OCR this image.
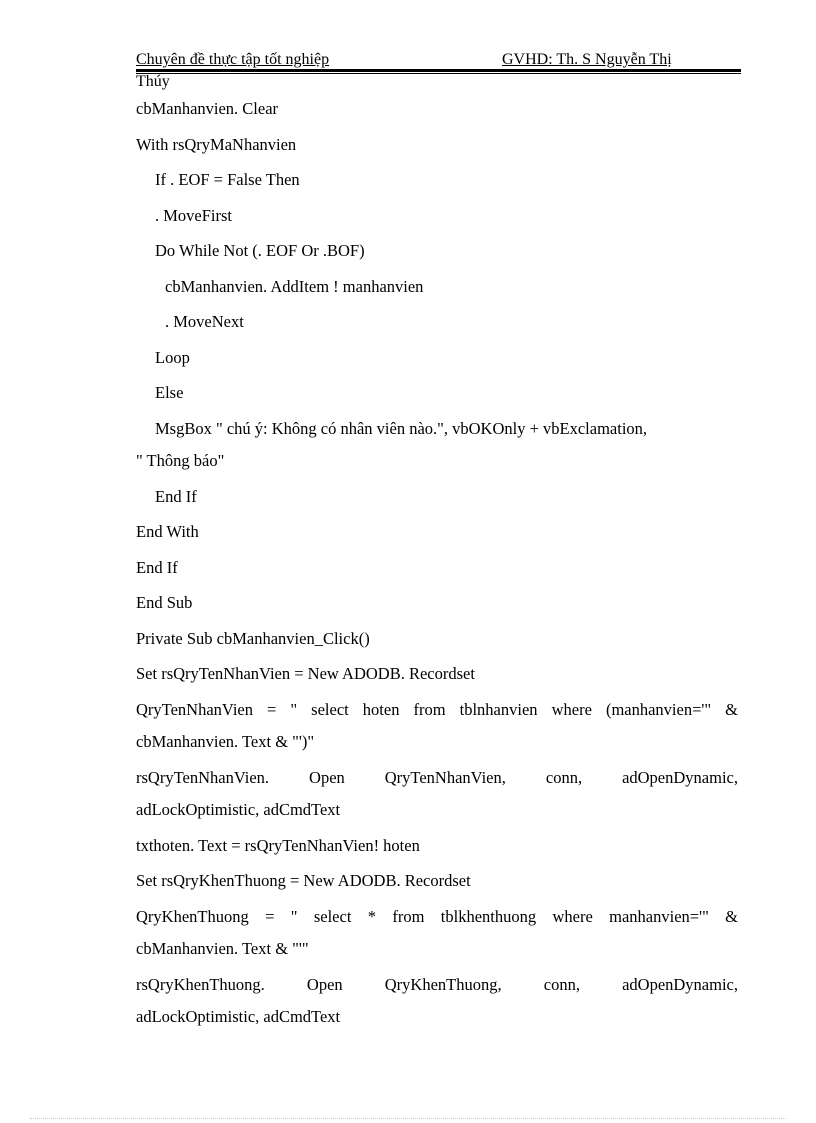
Chuyên đề thực tập tốt nghiệp	GVHD: Th. S Nguyễn Thị
Thúy
cbManhanvien. Clear
With rsQryMaNhanvien
If . EOF = False Then
. MoveFirst
Do While Not (. EOF Or .BOF)
cbManhanvien. AddItem ! manhanvien
. MoveNext
Loop
Else
MsgBox " chú ý: Không có nhân viên nào.", vbOKOnly + vbExclamation,
" Thông báo"
End If
End With
End If
End Sub
Private Sub cbManhanvien_Click()
Set rsQryTenNhanVien = New ADODB. Recordset
QryTenNhanVien = " select hoten from tblnhanvien where (manhanvien='" &
cbManhanvien. Text & "')"
rsQryTenNhanVien. Open QryTenNhanVien, conn, adOpenDynamic,
adLockOptimistic, adCmdText
txthoten. Text = rsQryTenNhanVien! hoten
Set rsQryKhenThuong = New ADODB. Recordset
QryKhenThuong = " select * from tblkhenthuong where manhanvien='" &
cbManhanvien. Text & "'"
rsQryKhenThuong. Open QryKhenThuong, conn, adOpenDynamic,
adLockOptimistic, adCmdText
